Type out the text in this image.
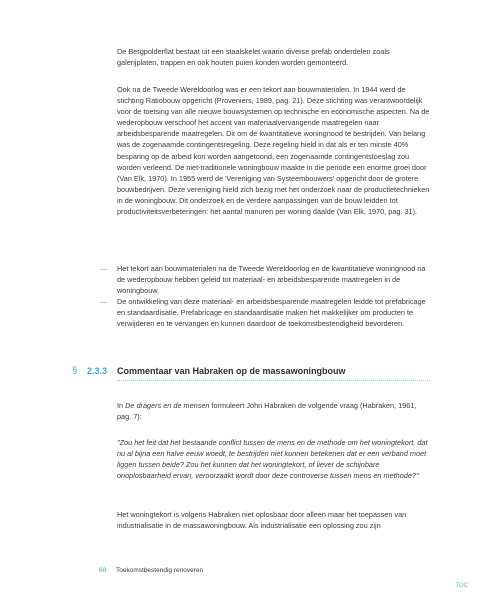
De Bergpolderflat bestaat uit een staalskelet waarin diverse prefab onderdelen zoals galerijplaten, trappen en ook houten puien konden worden gemonteerd.

Ook na de Tweede Wereldoorlog was er een tekort aan bouwmaterialen. In 1944 werd de stichting Ratiobouw opgericht (Proveniers, 1989, pag. 21). Deze stichting was verantwoordelijk voor de toetsing van alle nieuwe bouwsystemen op technische en economische aspecten. Na de wederopbouw verschoof het accent van materiaalvervangende maatregelen naar arbeidsbesparende maatregelen. Dit om de kwantitatieve woningnood te bestrijden. Van belang was de zogenaamde contingentsregeling. Deze regeling hield in dat als er ten minste 40% besparing op de arbeid kon worden aangetoond, een zogenaamde contingentstoeslag zou worden verleend. De niet-traditionele woningbouw maakte in die periode een enorme groei door (Van Elk, 1970). In 1955 werd de 'Vereniging van Systeembouwers' opgericht door de grotere bouwbedrijven. Deze vereniging hield zich bezig met het onderzoek naar de productietechnieken in de woningbouw. Dit onderzoek en de verdere aanpassingen van de bouw leidden tot productiviteitsverbeteringen: het aantal manuren per woning daalde (Van Elk, 1970, pag. 31).

— Het tekort aan bouwmaterialen na de Tweede Wereldoorlog en de kwantitatieve woningnood na de wederopbouw hebben geleid tot materiaal- en arbeidsbesparende maatregelen in de woningbouw.

— De ontwikkeling van deze materiaal- en arbeidsbesparende maatregelen leidde tot prefabricage en standaardisatie. Prefabricage en standaardisatie maken het makkelijker om producten te verwijderen en te vervangen en kunnen daardoor de toekomstbestendigheid bevorderen.

§ 2.3.3 Commentaar van Habraken op de massawoningbouw

In De dragers en de mensen formuleert John Habraken de volgende vraag (Habraken, 1961, pag. 7):

"Zou het feit dat het bestaande conflict tussen de mens en de methode om het woningtekort, dat nu al bijna een halve eeuw woedt, te bestrijden niet kunnen betekenen dat er een verband moet liggen tussen beide? Zou het kunnen dat het woningtekort, of liever de schijnbare onoplosbaarheid ervan, veroorzaakt wordt door deze controverse tussen mens en methode?"

Het woningtekort is volgens Habraken niet oplosbaar door alleen maar het toepassen van industrialisatie in de massawoningbouw. Als industrialisatie een oplossing zou zijn

68 Toekomstbestendig renoveren
TOC
